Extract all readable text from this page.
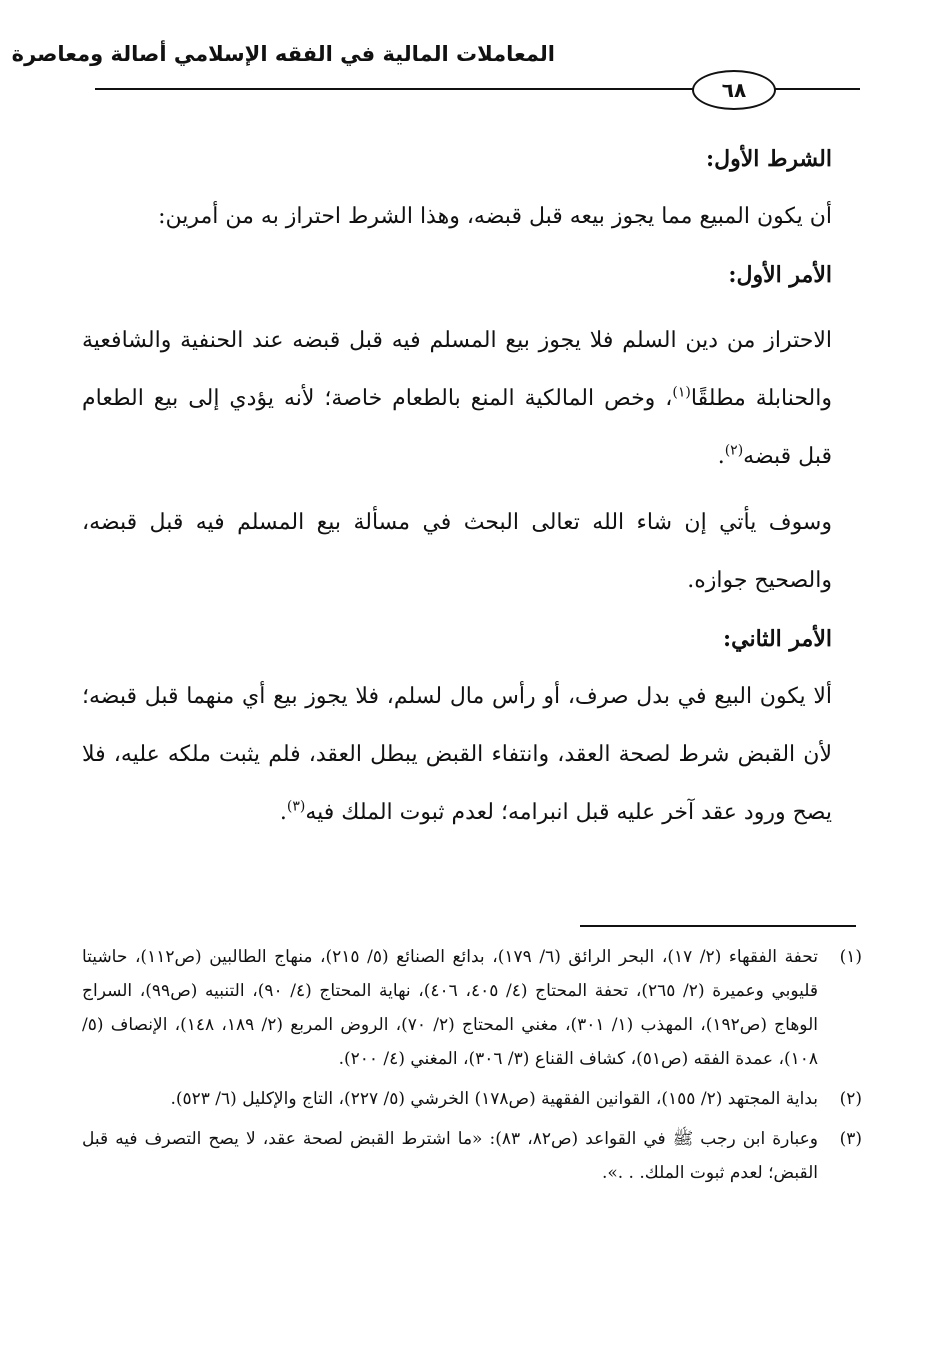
المعاملات المالية في الفقه الإسلامي أصالة ومعاصرة
٦٨

الشرط الأول:

أن يكون المبيع مما يجوز بيعه قبل قبضه، وهذا الشرط احتراز به من أمرين:

الأمر الأول:

الاحتراز من دين السلم فلا يجوز بيع المسلم فيه قبل قبضه عند الحنفية والشافعية والحنابلة مطلقًا$^{(١)}$، وخص المالكية المنع بالطعام خاصة؛ لأنه يؤدي إلى بيع الطعام قبل قبضه$^{(٢)}$.

وسوف يأتي إن شاء الله تعالى البحث في مسألة بيع المسلم فيه قبل قبضه، والصحيح جوازه.

الأمر الثاني:

ألا يكون البيع في بدل صرف، أو رأس مال لسلم، فلا يجوز بيع أي منهما قبل قبضه؛ لأن القبض شرط لصحة العقد، وانتفاء القبض يبطل العقد، فلم يثبت ملكه عليه، فلا يصح ورود عقد آخر عليه قبل انبرامه؛ لعدم ثبوت الملك فيه$^{(٣)}$.

(١)
تحفة الفقهاء (٢/ ١٧)، البحر الرائق (٦/ ١٧٩)، بدائع الصنائع (٥/ ٢١٥)، منهاج الطالبين (ص١١٢)، حاشيتا قليوبي وعميرة (٢/ ٢٦٥)، تحفة المحتاج (٤/ ٤٠٥، ٤٠٦)، نهاية المحتاج (٤/ ٩٠)، التنبيه (ص٩٩)، السراج الوهاج (ص١٩٢)، المهذب (١/ ٣٠١)، مغني المحتاج (٢/ ٧٠)، الروض المربع (٢/ ١٨٩، ١٤٨)، الإنصاف (٥/ ١٠٨)، عمدة الفقه (ص٥١)، كشاف القناع (٣/ ٣٠٦)، المغني (٤/ ٢٠٠).
(٢)
بداية المجتهد (٢/ ١٥٥)، القوانين الفقهية (ص١٧٨) الخرشي (٥/ ٢٢٧)، التاج والإكليل (٦/ ٥٢٣).
(٣)
وعبارة ابن رجب ﷺ في القواعد (ص٨٢، ٨٣): «ما اشترط القبض لصحة عقد، لا يصح التصرف فيه قبل القبض؛ لعدم ثبوت الملك. . .».
